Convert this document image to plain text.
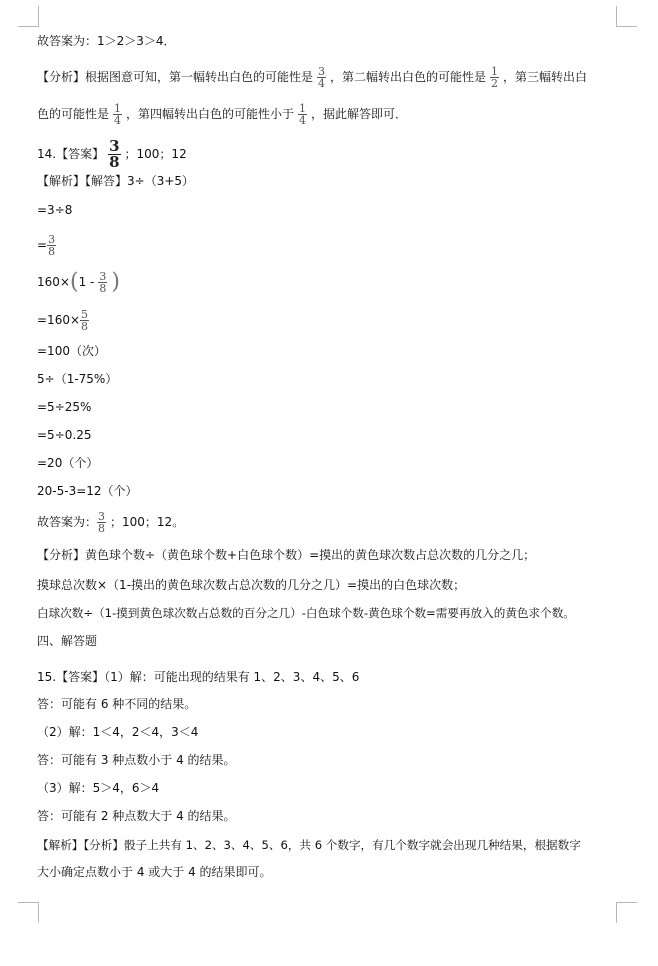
故答案为：1＞2＞3＞4．
【分析】根据图意可知，第一幅转出白色的可能性是 $\frac{3}{4}$ ，第二幅转出白色的可能性是 $\frac{1}{2}$ ，第三幅转出白
色的可能性是 $\frac{1}{4}$ ，第四幅转出白色的可能性小于 $\frac{1}{4}$ ，据此解答即可．
14.【答案】 $\frac{3}{8}$ ；100；12
【解析】【解答】3÷（3+5）
=3÷8
= $\frac{3}{8}$
$160\times(1 - \frac{3}{8}$ )
$=160\times \frac{5}{8}$
=100（次）
5÷（1-75%）
=5÷25%
=5÷0.25
=20（个）
20-5-3=12（个）
故答案为： $\frac{3}{8}$ ；100；12。
【分析】黄色球个数÷（黄色球个数+白色球个数）=摸出的黄色球次数占总次数的几分之几；
摸球总次数×（1-摸出的黄色球次数占总次数的几分之几）=摸出的白色球次数；
白球次数÷（1-摸到黄色球次数占总数的百分之几）-白色球个数-黄色球个数=需要再放入的黄色求个数。
四、解答题
15.【答案】（1）解：可能出现的结果有 1、2、3、4、5、6
答：可能有 6 种不同的结果。
（2）解：1＜4，2＜4，3＜4
答：可能有 3 种点数小于 4 的结果。
（3）解：5＞4，6＞4
答：可能有 2 种点数大于 4 的结果。
【解析】【分析】骰子上共有 1、2、3、4、5、6，共 6 个数字，有几个数字就会出现几种结果，根据数字
大小确定点数小于 4 或大于 4 的结果即可。
